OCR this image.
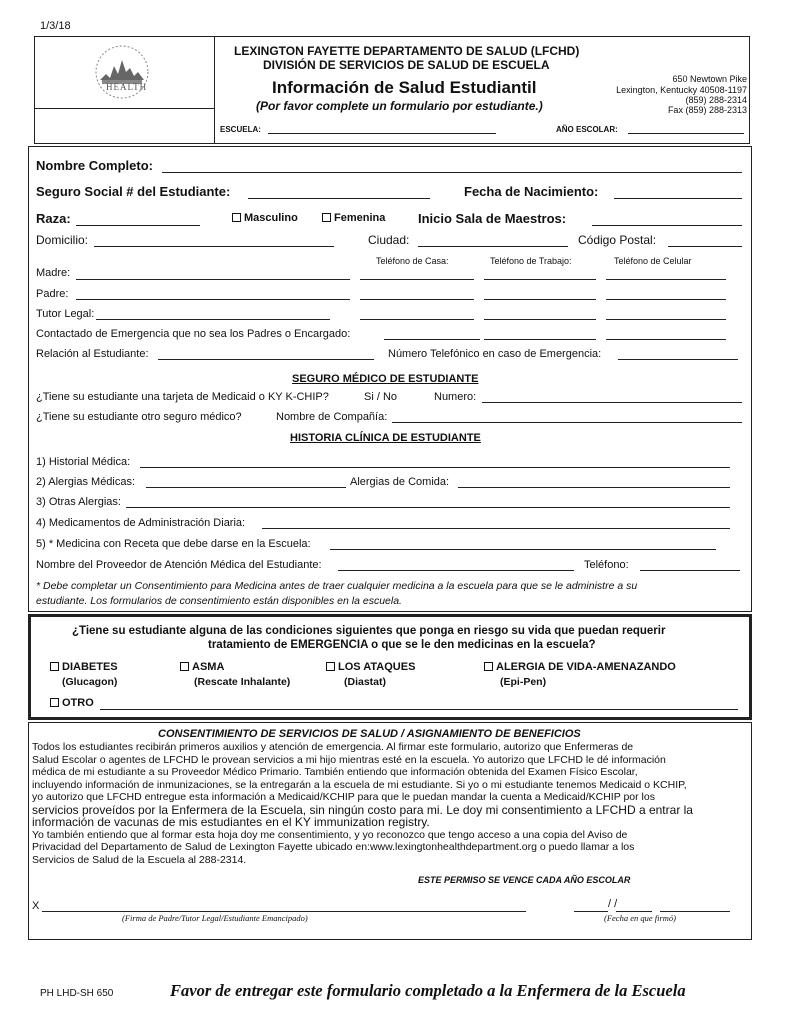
1/3/18
HEALTH
LEXINGTON FAYETTE DEPARTAMENTO DE SALUD (LFCHD)
DIVISIÓN DE SERVICIOS DE SALUD DE ESCUELA
Información de Salud Estudiantil
(Por favor complete un formulario por estudiante.)
650 Newtown Pike
Lexington, Kentucky 40508-1197
(859) 288-2314
Fax (859) 288-2313
ESCUELA:	AÑO ESCOLAR:
Nombre Completo:
Seguro Social # del Estudiante:	Fecha de Nacimiento:
Raza:	Masculino	Femenina	Inicio Sala de Maestros:
Domicilio:	Ciudad:	Código Postal:
Teléfono de Casa:	Teléfono de Trabajo:	Teléfono de Celular
Madre:
Padre:
Tutor Legal:
Contactado de Emergencia que no sea los Padres o Encargado:
Relación al Estudiante:	Número Telefónico en caso de Emergencia:
SEGURO MÉDICO DE ESTUDIANTE
¿Tiene su estudiante una tarjeta de Medicaid o KY K-CHIP?	Si / No	Numero:
¿Tiene su estudiante otro seguro médico?	Nombre de Compañía:
HISTORIA CLÍNICA DE ESTUDIANTE
1) Historial Médica:
2) Alergias Médicas:	Alergias de Comida:
3) Otras Alergias:
4) Medicamentos de Administración Diaria:
5) * Medicina con Receta que debe darse en la Escuela:
Nombre del Proveedor de Atención Médica del Estudiante:	Teléfono:
* Debe completar un Consentimiento para Medicina antes de traer cualquier medicina a la escuela para que se le administre a su
estudiante. Los formularios de consentimiento están disponibles en la escuela.
¿Tiene su estudiante alguna de las condiciones siguientes que ponga en riesgo su vida que puedan requerir
tratamiento de EMERGENCIA o que se le den medicinas en la escuela?
DIABETES
(Glucagon)
ASMA
(Rescate Inhalante)
LOS ATAQUES
(Diastat)
ALERGIA DE VIDA-AMENAZANDO
(Epi-Pen)
OTRO
CONSENTIMIENTO DE SERVICIOS DE SALUD / ASIGNAMIENTO DE BENEFICIOS
Todos los estudiantes recibirán primeros auxilios y atención de emergencia. Al firmar este formulario, autorizo que Enfermeras de
Salud Escolar o agentes de LFCHD le provean servicios a mi hijo mientras esté en la escuela. Yo autorizo que LFCHD le dé información
médica de mi estudiante a su Proveedor Médico Primario. También entiendo que información obtenida del Examen Físico Escolar,
incluyendo información de inmunizaciones, se la entregarán a la escuela de mi estudiante. Si yo o mi estudiante tenemos Medicaid o KCHIP,
yo autorizo que LFCHD entregue esta información a Medicaid/KCHIP para que le puedan mandar la cuenta a Medicaid/KCHIP por los
servicios proveídos por la Enfermera de la Escuela, sin ningún costo para mi. Le doy mi consentimiento a LFCHD a entrar la
información de vacunas de mis estudiantes en el KY immunization registry.
Yo también entiendo que al formar esta hoja doy me consentimiento, y yo reconozco que tengo acceso a una copia del Aviso de
Privacidad del Departamento de Salud de Lexington Fayette ubicado en:www.lexingtonhealthdepartment.org o puedo llamar a los
Servicios de Salud de la Escuela al 288-2314.
ESTE PERMISO SE VENCE CADA AÑO ESCOLAR
X
(Firma de Padre/Tutor Legal/Estudiante Emancipado)
/ /
(Fecha en que firmó)
PH LHD-SH 650	Favor de entregar este formulario completado a la Enfermera de la Escuela
